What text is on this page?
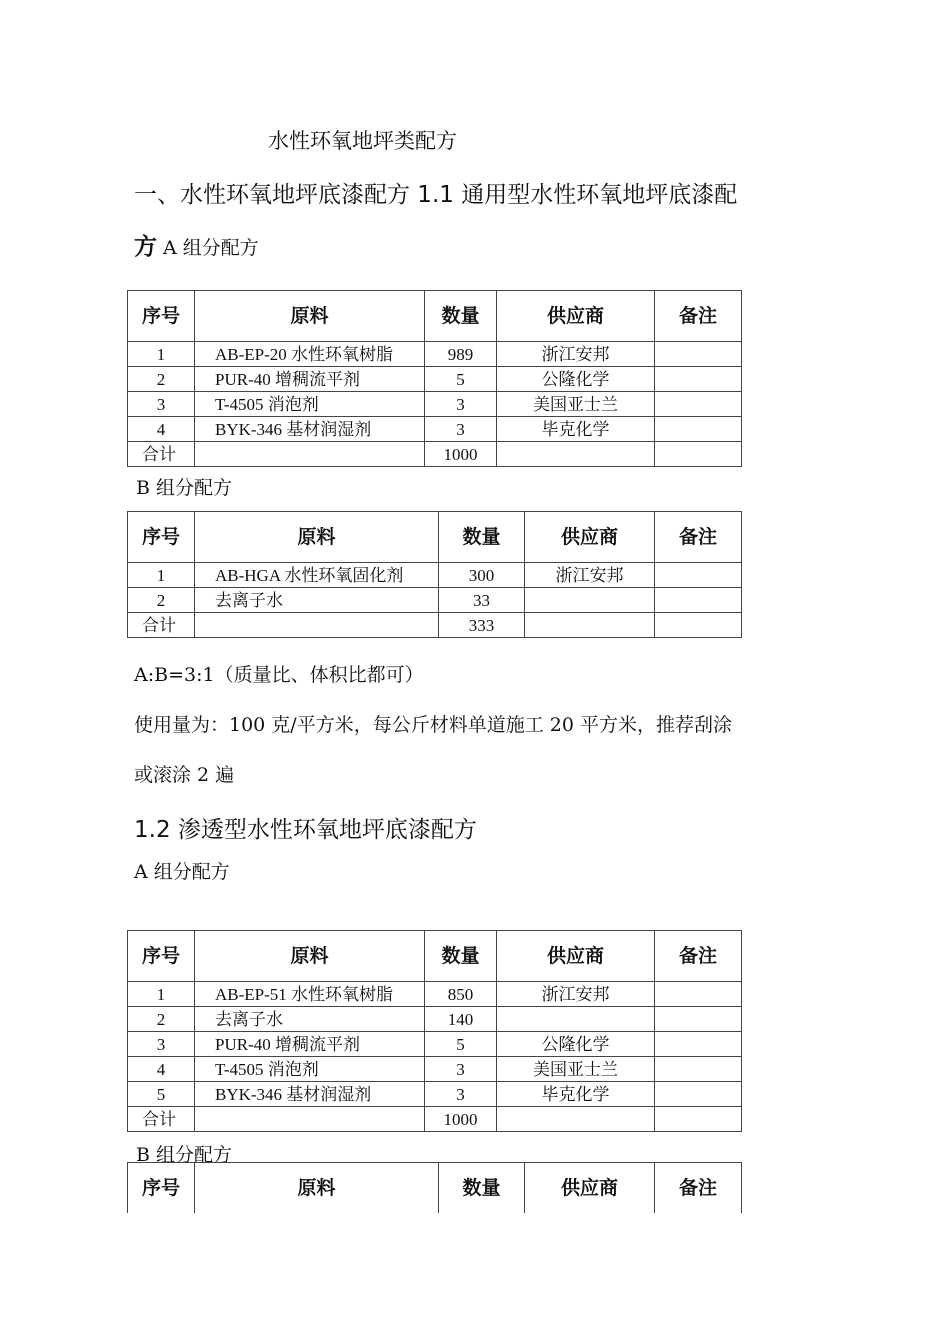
水性环氧地坪类配方
一、水性环氧地坪底漆配方 1.1 通用型水性环氧地坪底漆配
方 A 组分配方
序号	原料	数量	供应商	备注
1	AB-EP-20 水性环氧树脂	989	浙江安邦	
2	PUR-40 增稠流平剂	5	公隆化学	
3	T-4505 消泡剂	3	美国亚士兰	
4	BYK-346 基材润湿剂	3	毕克化学	
合计		1000		
B 组分配方
序号	原料	数量	供应商	备注
1	AB-HGA 水性环氧固化剂	300	浙江安邦	
2	去离子水	33		
合计		333		
A:B=3:1（质量比、体积比都可）
使用量为：100 克/平方米，每公斤材料单道施工 20 平方米，推荐刮涂
或滚涂 2 遍
1.2 渗透型水性环氧地坪底漆配方
A 组分配方
序号	原料	数量	供应商	备注
1	AB-EP-51 水性环氧树脂	850	浙江安邦	
2	去离子水	140		
3	PUR-40 增稠流平剂	5	公隆化学	
4	T-4505 消泡剂	3	美国亚士兰	
5	BYK-346 基材润湿剂	3	毕克化学	
合计		1000		
B 组分配方
序号	原料	数量	供应商	备注
